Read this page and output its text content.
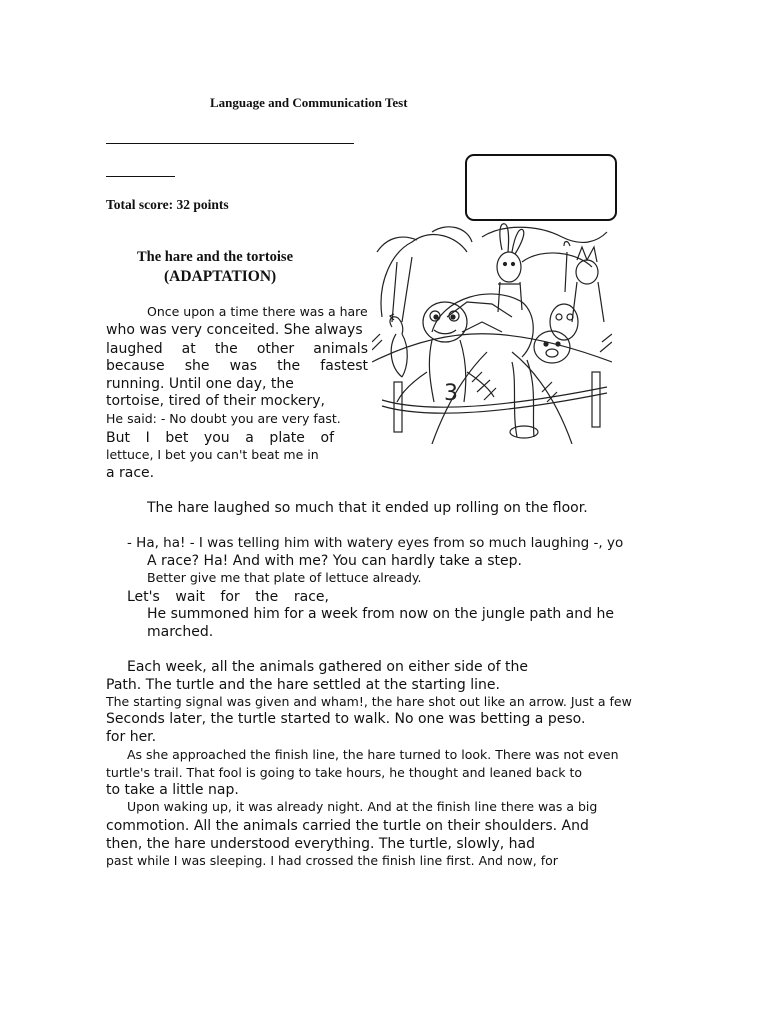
Language and Communication Test
Total score: 32 points
The hare and the tortoise
(ADAPTATION)
3
Once upon a time there was a hare
who was very conceited. She always
laughed at the other animals
because she was the fastest
running. Until one day, the
tortoise, tired of their mockery,
He said: - No doubt you are very fast.
But I bet you a plate of
lettuce, I bet you can't beat me in
a race.
The hare laughed so much that it ended up rolling on the floor.
- Ha, ha! - I was telling him with watery eyes from so much laughing -, yo
A race? Ha! And with me? You can hardly take a step.
Better give me that plate of lettuce already.
Let's wait for the race,
He summoned him for a week from now on the jungle path and he
marched.
Each week, all the animals gathered on either side of the
Path. The turtle and the hare settled at the starting line.
The starting signal was given and wham!, the hare shot out like an arrow. Just a few
Seconds later, the turtle started to walk. No one was betting a peso.
for her.
As she approached the finish line, the hare turned to look. There was not even
turtle's trail. That fool is going to take hours, he thought and leaned back to
to take a little nap.
Upon waking up, it was already night. And at the finish line there was a big
commotion. All the animals carried the turtle on their shoulders. And
then, the hare understood everything. The turtle, slowly, had
past while I was sleeping. I had crossed the finish line first. And now, for
